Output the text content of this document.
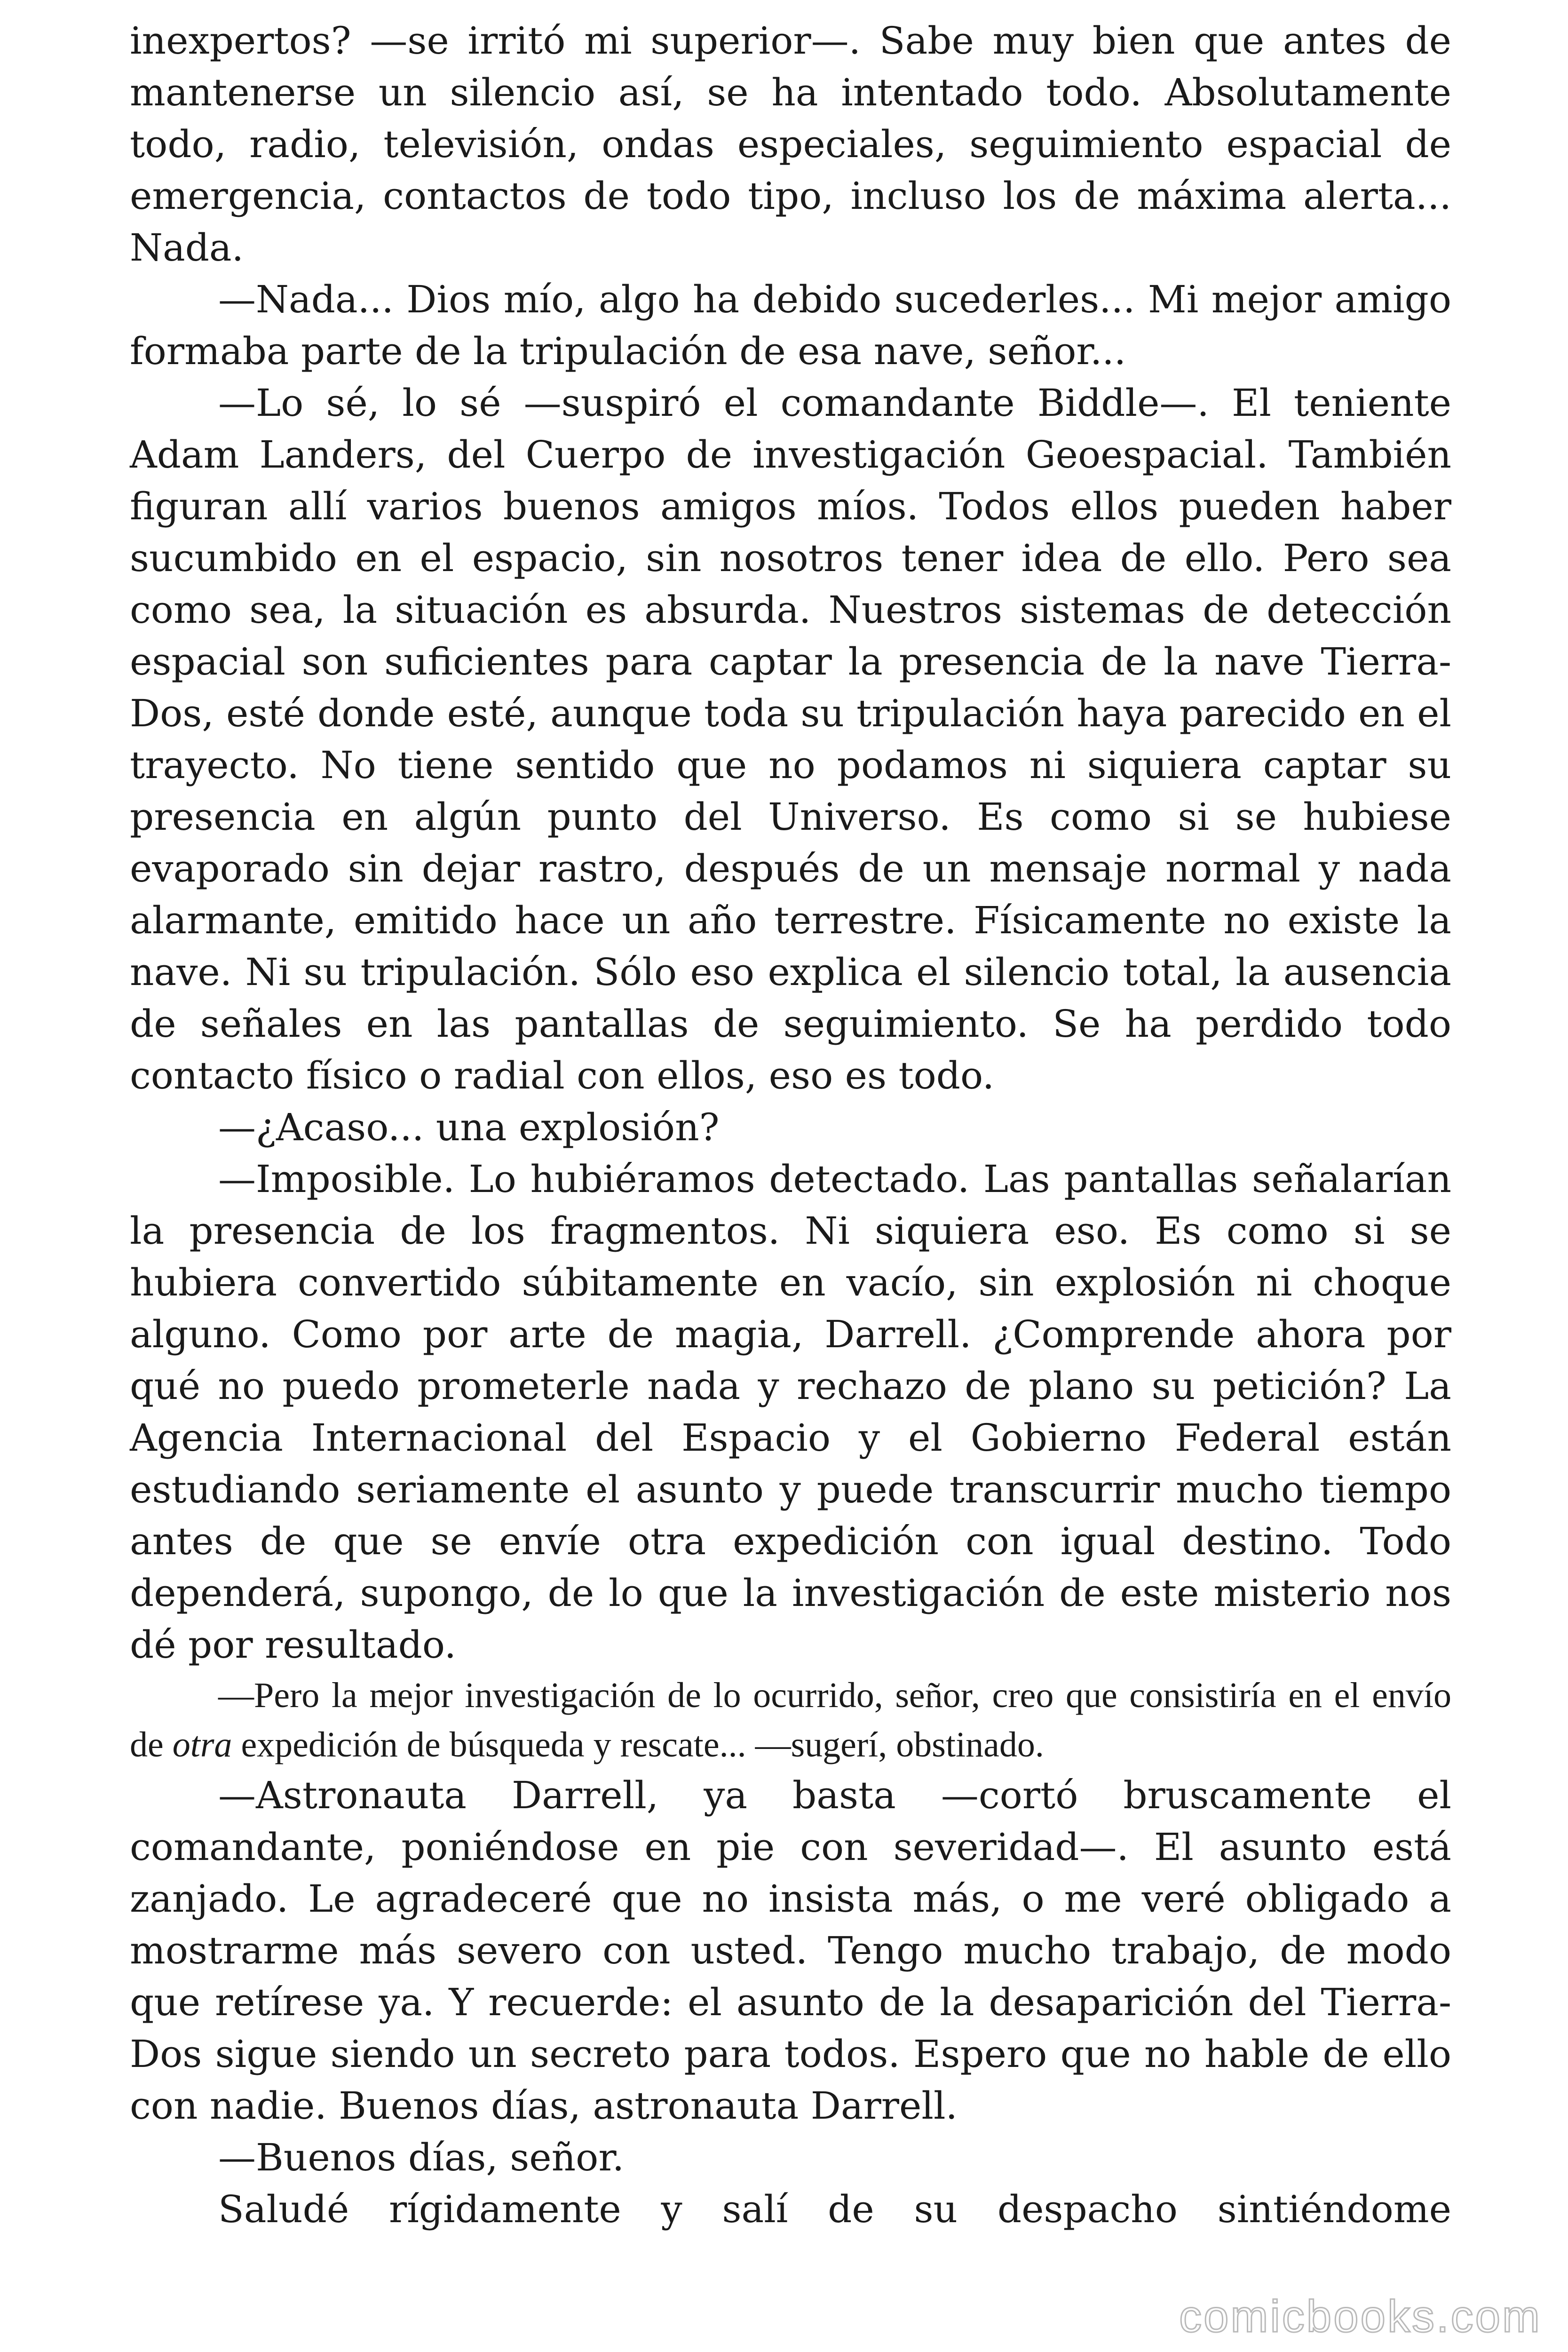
inexpertos? —se irritó mi superior—. Sabe muy bien que antes de mantenerse un silencio así, se ha intentado todo. Absolutamente todo, radio, televisión, ondas especiales, seguimiento espacial de emergencia, contactos de todo tipo, incluso los de máxima alerta... Nada.

—Nada... Dios mío, algo ha debido sucederles... Mi mejor amigo formaba parte de la tripulación de esa nave, señor...

—Lo sé, lo sé —suspiró el comandante Biddle—. El teniente Adam Landers, del Cuerpo de investigación Geoespacial. También figuran allí varios buenos amigos míos. Todos ellos pueden haber sucumbido en el espacio, sin nosotros tener idea de ello. Pero sea como sea, la situación es absurda. Nuestros sistemas de detección espacial son suficientes para captar la presencia de la nave Tierra-Dos, esté donde esté, aunque toda su tripulación haya parecido en el trayecto. No tiene sentido que no podamos ni siquiera captar su presencia en algún punto del Universo. Es como si se hubiese evaporado sin dejar rastro, después de un mensaje normal y nada alarmante, emitido hace un año terrestre. Físicamente no existe la nave. Ni su tripulación. Sólo eso explica el silencio total, la ausencia de señales en las pantallas de seguimiento. Se ha perdido todo contacto físico o radial con ellos, eso es todo.

—¿Acaso... una explosión?

—Imposible. Lo hubiéramos detectado. Las pantallas señalarían la presencia de los fragmentos. Ni siquiera eso. Es como si se hubiera convertido súbitamente en vacío, sin explosión ni choque alguno. Como por arte de magia, Darrell. ¿Comprende ahora por qué no puedo prometerle nada y rechazo de plano su petición? La Agencia Internacional del Espacio y el Gobierno Federal están estudiando seriamente el asunto y puede transcurrir mucho tiempo antes de que se envíe otra expedición con igual destino. Todo dependerá, supongo, de lo que la investigación de este misterio nos dé por resultado.

—Pero la mejor investigación de lo ocurrido, señor, creo que consistiría en el envío de otra expedición de búsqueda y rescate... —sugerí, obstinado.

—Astronauta Darrell, ya basta —cortó bruscamente el comandante, poniéndose en pie con severidad—. El asunto está zanjado. Le agradeceré que no insista más, o me veré obligado a mostrarme más severo con usted. Tengo mucho trabajo, de modo que retírese ya. Y recuerde: el asunto de la desaparición del Tierra-Dos sigue siendo un secreto para todos. Espero que no hable de ello con nadie. Buenos días, astronauta Darrell.

—Buenos días, señor.

Saludé rígidamente y salí de su despacho sintiéndome

comicbooks.com
